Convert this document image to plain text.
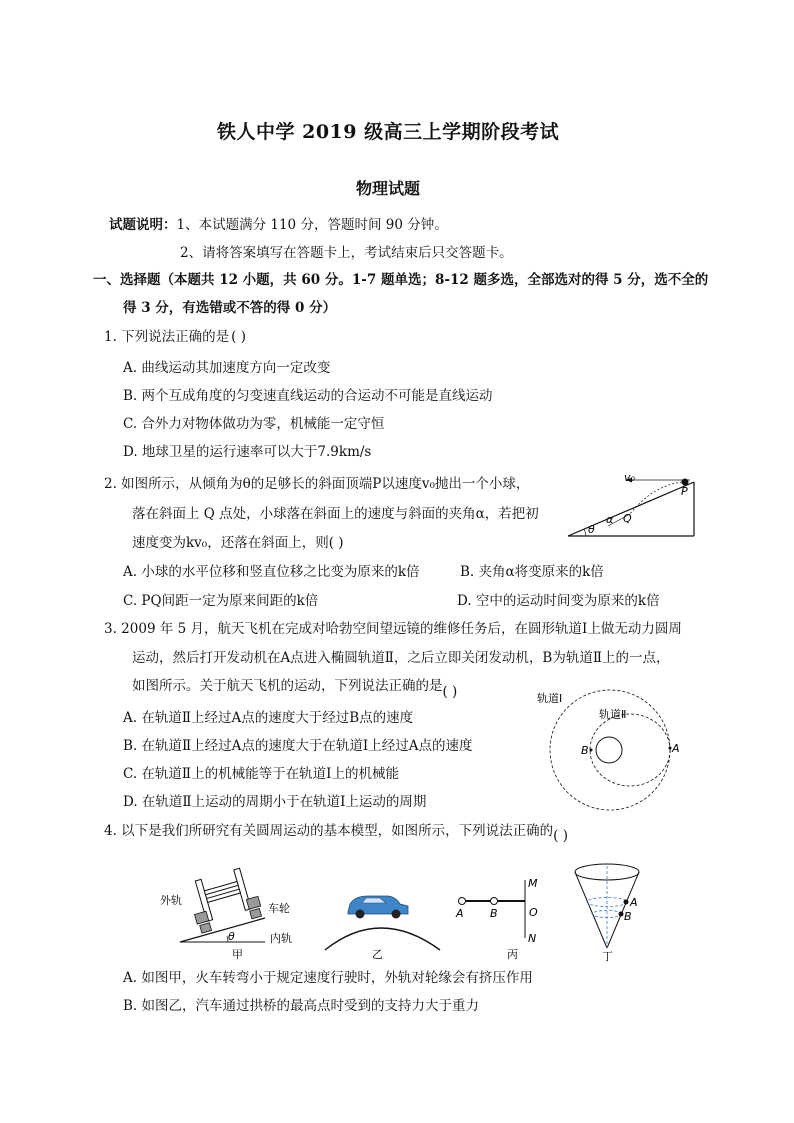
铁人中学 2019 级高三上学期阶段考试
物理试题
试题说明：1、本试题满分 110 分，答题时间 90 分钟。
2、请将答案填写在答题卡上，考试结束后只交答题卡。
一、选择题（本题共 12 小题，共 60 分。1-7 题单选；8-12 题多选，全部选对的得 5 分，选不全的
得 3 分，有选错或不答的得 0 分）
1. 下列说法正确的是 ( )
A. 曲线运动其加速度方向一定改变
B. 两个互成角度的匀变速直线运动的合运动不可能是直线运动
C. 合外力对物体做功为零，机械能一定守恒
D. 地球卫星的运行速率可以大于7.9km/s
2. 如图所示，从倾角为θ的足够长的斜面顶端P以速度v₀抛出一个小球，
落在斜面上 Q 点处，小球落在斜面上的速度与斜面的夹角α，若把初
速度变为kv₀，还落在斜面上，则( )
A. 小球的水平位移和竖直位移之比变为原来的k倍	B. 夹角α将变原来的k倍
C. PQ间距一定为原来间距的k倍	D. 空中的运动时间变为原来的k倍
v₀
P
Q
α
θ
3. 2009 年 5 月，航天飞机在完成对哈勃空间望远镜的维修任务后，在圆形轨道Ⅰ上做无动力圆周
运动，然后打开发动机在A点进入椭圆轨道Ⅱ，之后立即关闭发动机，B为轨道Ⅱ上的一点，
如图所示。关于航天飞机的运动，下列说法正确的是( )
A. 在轨道Ⅱ上经过A点的速度大于经过B点的速度
B. 在轨道Ⅱ上经过A点的速度大于在轨道Ⅰ上经过A点的速度
C. 在轨道Ⅱ上的机械能等于在轨道Ⅰ上的机械能
D. 在轨道Ⅱ上运动的周期小于在轨道Ⅰ上运动的周期
轨道Ⅰ
轨道Ⅱ
A
B
4. 以下是我们所研究有关圆周运动的基本模型，如图所示，下列说法正确的( )
外轨
车轮
内轨
θ
甲	乙
M
N
O
A B
丙
A
B
丁
A. 如图甲，火车转弯小于规定速度行驶时，外轨对轮缘会有挤压作用
B. 如图乙，汽车通过拱桥的最高点时受到的支持力大于重力
